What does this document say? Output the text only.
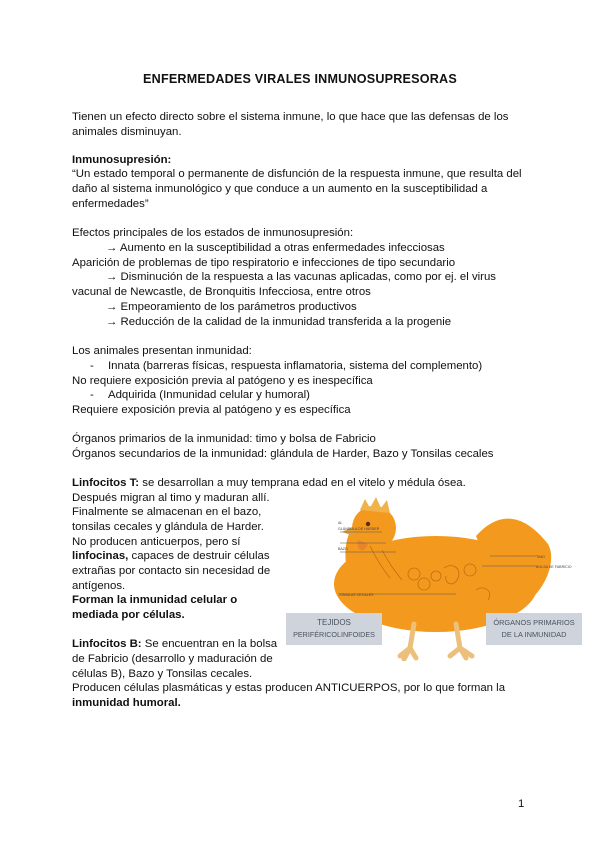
ENFERMEDADES VIRALES INMUNOSUPRESORAS
Tienen un efecto directo sobre el sistema inmune, lo que hace que las defensas de los
animales disminuyan.
Inmunosupresión:
“Un estado temporal o permanente de disfunción de la respuesta inmune, que resulta del
daño al sistema inmunológico y que conduce a un aumento en la susceptibilidad a
enfermedades”
Efectos principales de los estados de inmunosupresión:
→ Aumento en la susceptibilidad a otras enfermedades infecciosas
Aparición de problemas de tipo respiratorio e infecciones de tipo secundario
→ Disminución de la respuesta a las vacunas aplicadas, como por ej. el virus
vacunal de Newcastle, de Bronquitis Infecciosa, entre otros
→ Empeoramiento de los parámetros productivos
→ Reducción de la calidad de la inmunidad transferida a la progenie
Los animales presentan inmunidad:
- Innata (barreras físicas, respuesta inflamatoria, sistema del complemento)
No requiere exposición previa al patógeno y es inespecífica
- Adquirida (Inmunidad celular y humoral)
Requiere exposición previa al patógeno y es específica
Órganos primarios de la inmunidad: timo y bolsa de Fabricio
Órganos secundarios de la inmunidad: glándula de Harder, Bazo y Tonsilas cecales
Linfocitos T: se desarrollan a muy temprana edad en el vitelo y médula ósea.
Después migran al timo y maduran allí.
Finalmente se almacenan en el bazo,
tonsilas cecales y glándula de Harder.
No producen anticuerpos, pero sí
linfocinas, capaces de destruir células
extrañas por contacto sin necesidad de
antígenos.
Forman la inmunidad celular o
mediada por células.
Linfocitos B: Se encuentran en la bolsa
de Fabricio (desarrollo y maduración de
células B), Bazo y Tonsilas cecales.
Producen células plasmáticas y estas producen ANTICUERPOS, por lo que forman la
inmunidad humoral.
AL
GLÁNDULA DE HARDER
TIMO
BAZO
BOLSA DE FABRICIO
TONSILAS CECALES
TEJIDOS
PERIFÉRICOLINFOIDES
ÓRGANOS PRIMARIOS
DE LA INMUNIDAD
1
